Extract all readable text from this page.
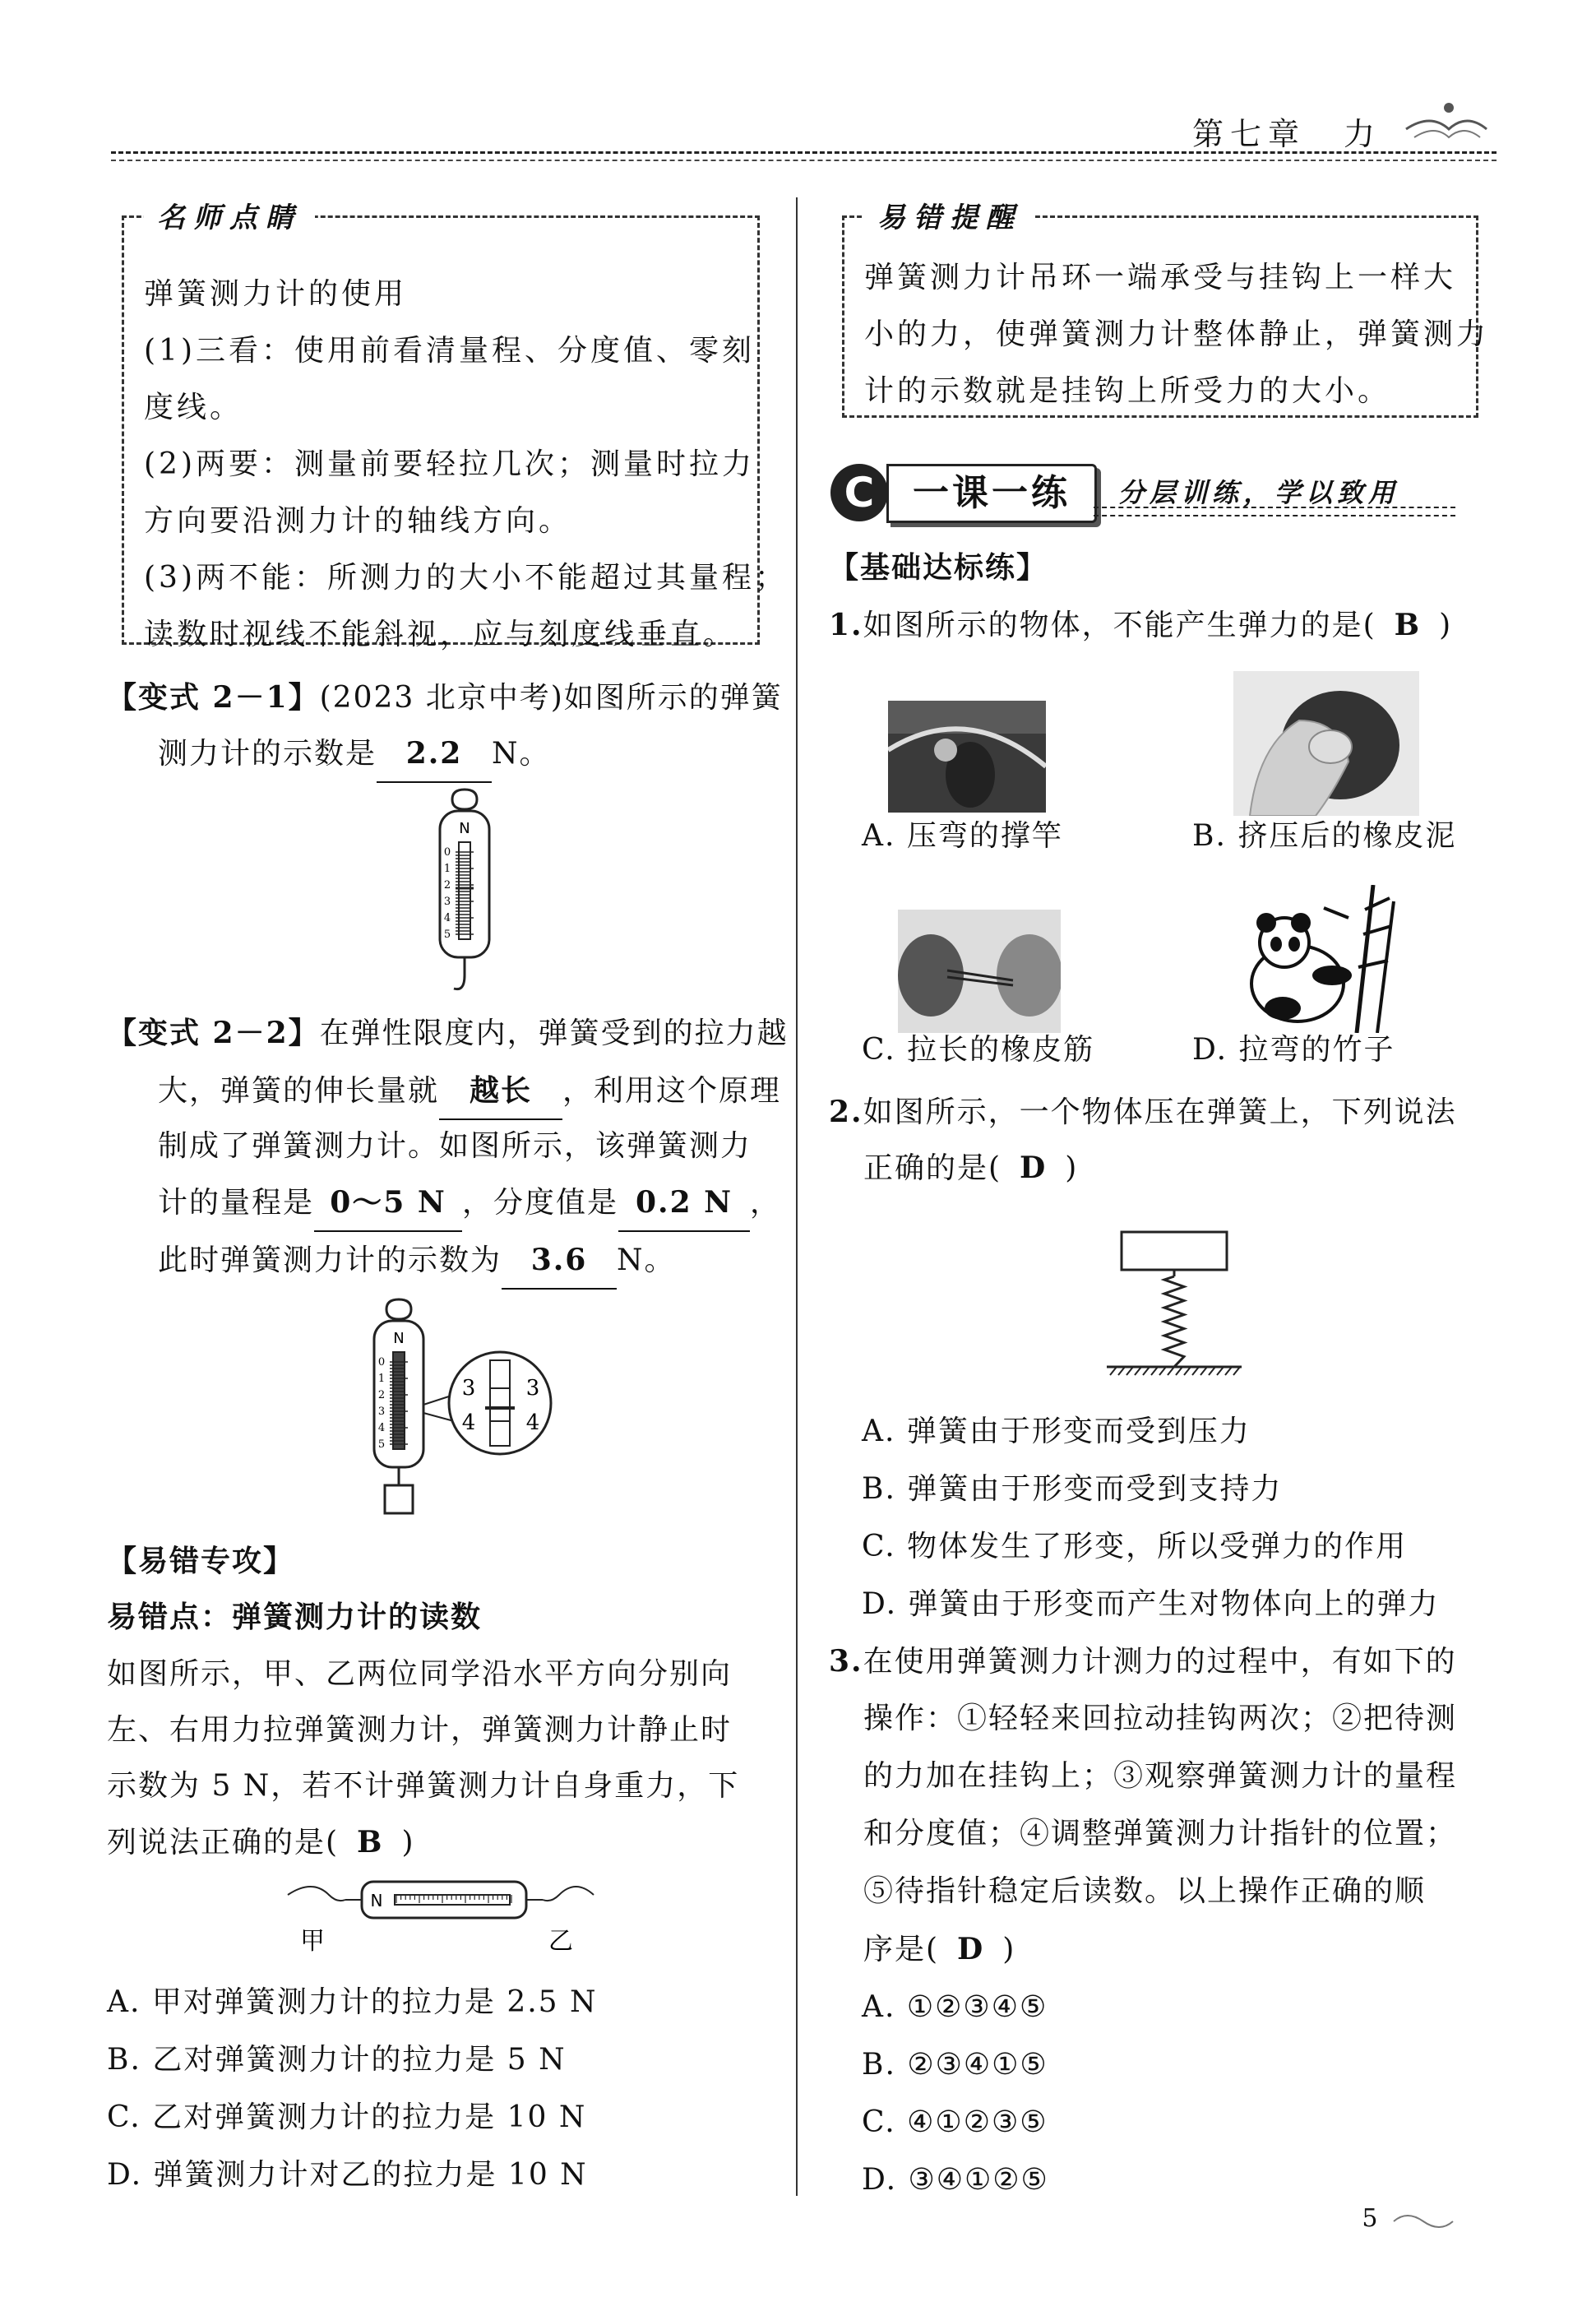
第七章　力
名师点睛
弹簧测力计的使用
(1)三看：使用前看清量程、分度值、零刻
度线。
(2)两要：测量前要轻拉几次；测量时拉力
方向要沿测力计的轴线方向。
(3)两不能：所测力的大小不能超过其量程；
读数时视线不能斜视，应与刻度线垂直。
【变式 2－1】(2023 北京中考)如图所示的弹簧
测力计的示数是 2.2 N。
N
0
1
2
3
4
5
【变式 2－2】在弹性限度内，弹簧受到的拉力越
大，弹簧的伸长量就 越长 ，利用这个原理
制成了弹簧测力计。如图所示，该弹簧测力
计的量程是 0～5 N ，分度值是 0.2 N ，
此时弹簧测力计的示数为 3.6 N。
N
0
1
2
3
4
5
3 3
4 4
【易错专攻】
易错点：弹簧测力计的读数
如图所示，甲、乙两位同学沿水平方向分别向
左、右用力拉弹簧测力计，弹簧测力计静止时
示数为 5 N，若不计弹簧测力计自身重力，下
列说法正确的是( B )
N
甲	乙
A. 甲对弹簧测力计的拉力是 2.5 N
B. 乙对弹簧测力计的拉力是 5 N
C. 乙对弹簧测力计的拉力是 10 N
D. 弹簧测力计对乙的拉力是 10 N
易错提醒
弹簧测力计吊环一端承受与挂钩上一样大
小的力，使弹簧测力计整体静止，弹簧测力
计的示数就是挂钩上所受力的大小。
C	一课一练	分层训练，学以致用
【基础达标练】
1.如图所示的物体，不能产生弹力的是( B )
A. 压弯的撑竿	B. 挤压后的橡皮泥
C. 拉长的橡皮筋	D. 拉弯的竹子
2.如图所示，一个物体压在弹簧上，下列说法
正确的是( D )
A. 弹簧由于形变而受到压力
B. 弹簧由于形变而受到支持力
C. 物体发生了形变，所以受弹力的作用
D. 弹簧由于形变而产生对物体向上的弹力
3.在使用弹簧测力计测力的过程中，有如下的
操作：①轻轻来回拉动挂钩两次；②把待测
的力加在挂钩上；③观察弹簧测力计的量程
和分度值；④调整弹簧测力计指针的位置；
⑤待指针稳定后读数。以上操作正确的顺
序是( D )
A. ①②③④⑤
B. ②③④①⑤
C. ④①②③⑤
D. ③④①②⑤
5
